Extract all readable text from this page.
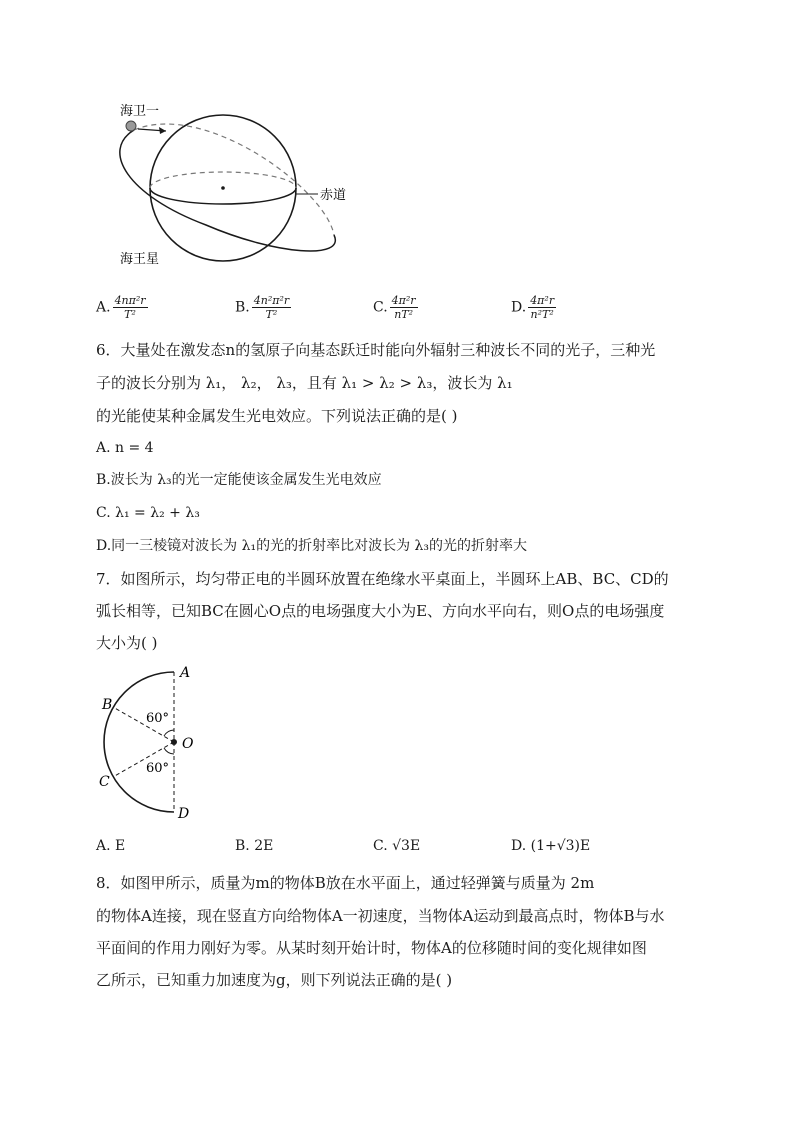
海卫一
赤道
海王星
A. $\frac{\text{4nπ²r}}{\text{T²}}$	B. $\frac{\text{4n²π²r}}{\text{T²}}$	C. $\frac{\text{4π²r}}{\text{nT²}}$	D. $\frac{\text{4π²r}}{\text{n²T²}}$
6．大量处在激发态n的氢原子向基态跃迁时能向外辐射三种波长不同的光子，三种光
子的波长分别为 λ₁， λ₂， λ₃，且有 λ₁ > λ₂ > λ₃，波长为 λ₁
的光能使某种金属发生光电效应。下列说法正确的是( )
A. n = 4
B.波长为 λ₃的光一定能使该金属发生光电效应
C. λ₁ = λ₂ + λ₃
D.同一三棱镜对波长为 λ₁的光的折射率比对波长为 λ₃的光的折射率大
7．如图所示，均匀带正电的半圆环放置在绝缘水平桌面上，半圆环上AB、BC、CD的
弧长相等，已知BC在圆心O点的电场强度大小为E、方向水平向右，则O点的电场强度
大小为( )
A
B
C
D
O
60°
60°
A. E	B. 2E	C. √3E	D. (1+√3)E
8．如图甲所示，质量为m的物体B放在水平面上，通过轻弹簧与质量为 2m
的物体A连接，现在竖直方向给物体A一初速度，当物体A运动到最高点时，物体B与水
平面间的作用力刚好为零。从某时刻开始计时，物体A的位移随时间的变化规律如图
乙所示，已知重力加速度为g，则下列说法正确的是( )
